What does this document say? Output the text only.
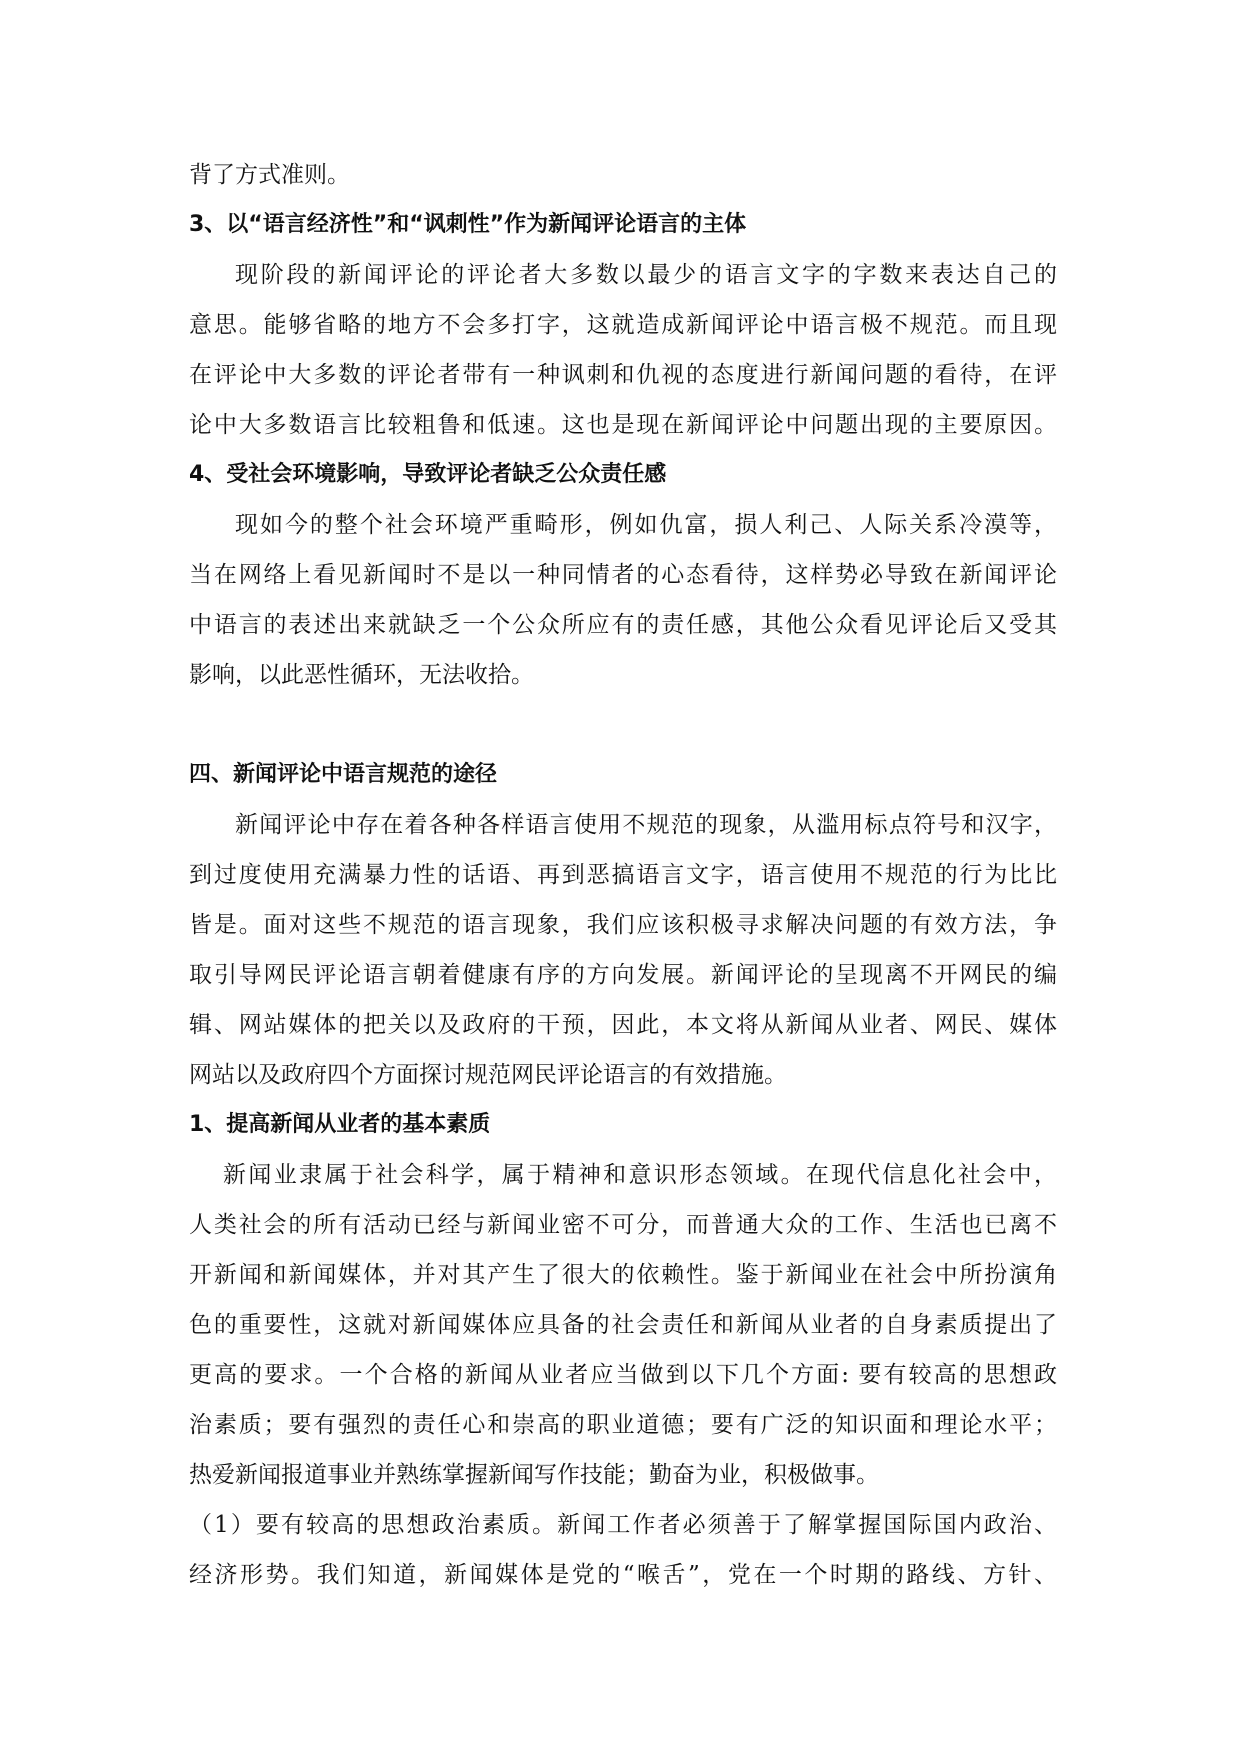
背了方式准则。

3、以“语言经济性”和“讽刺性”作为新闻评论语言的主体

现阶段的新闻评论的评论者大多数以最少的语言文字的字数来表达自己的

意思。能够省略的地方不会多打字，这就造成新闻评论中语言极不规范。而且现

在评论中大多数的评论者带有一种讽刺和仇视的态度进行新闻问题的看待，在评

论中大多数语言比较粗鲁和低速。这也是现在新闻评论中问题出现的主要原因。

4、受社会环境影响，导致评论者缺乏公众责任感

现如今的整个社会环境严重畸形，例如仇富，损人利己、人际关系冷漠等，

当在网络上看见新闻时不是以一种同情者的心态看待，这样势必导致在新闻评论

中语言的表述出来就缺乏一个公众所应有的责任感，其他公众看见评论后又受其

影响，以此恶性循环，无法收拾。

四、新闻评论中语言规范的途径

新闻评论中存在着各种各样语言使用不规范的现象，从滥用标点符号和汉字，

到过度使用充满暴力性的话语、再到恶搞语言文字，语言使用不规范的行为比比

皆是。面对这些不规范的语言现象，我们应该积极寻求解决问题的有效方法，争

取引导网民评论语言朝着健康有序的方向发展。新闻评论的呈现离不开网民的编

辑、网站媒体的把关以及政府的干预，因此，本文将从新闻从业者、网民、媒体

网站以及政府四个方面探讨规范网民评论语言的有效措施。

1、提高新闻从业者的基本素质

新闻业隶属于社会科学，属于精神和意识形态领域。在现代信息化社会中，

人类社会的所有活动已经与新闻业密不可分，而普通大众的工作、生活也已离不

开新闻和新闻媒体，并对其产生了很大的依赖性。鉴于新闻业在社会中所扮演角

色的重要性，这就对新闻媒体应具备的社会责任和新闻从业者的自身素质提出了

更高的要求。一个合格的新闻从业者应当做到以下几个方面: 要有较高的思想政

治素质；要有强烈的责任心和崇高的职业道德；要有广泛的知识面和理论水平；

热爱新闻报道事业并熟练掌握新闻写作技能；勤奋为业，积极做事。

（1）要有较高的思想政治素质。新闻工作者必须善于了解掌握国际国内政治、

经济形势。我们知道，新闻媒体是党的“喉舌”，党在一个时期的路线、方针、
